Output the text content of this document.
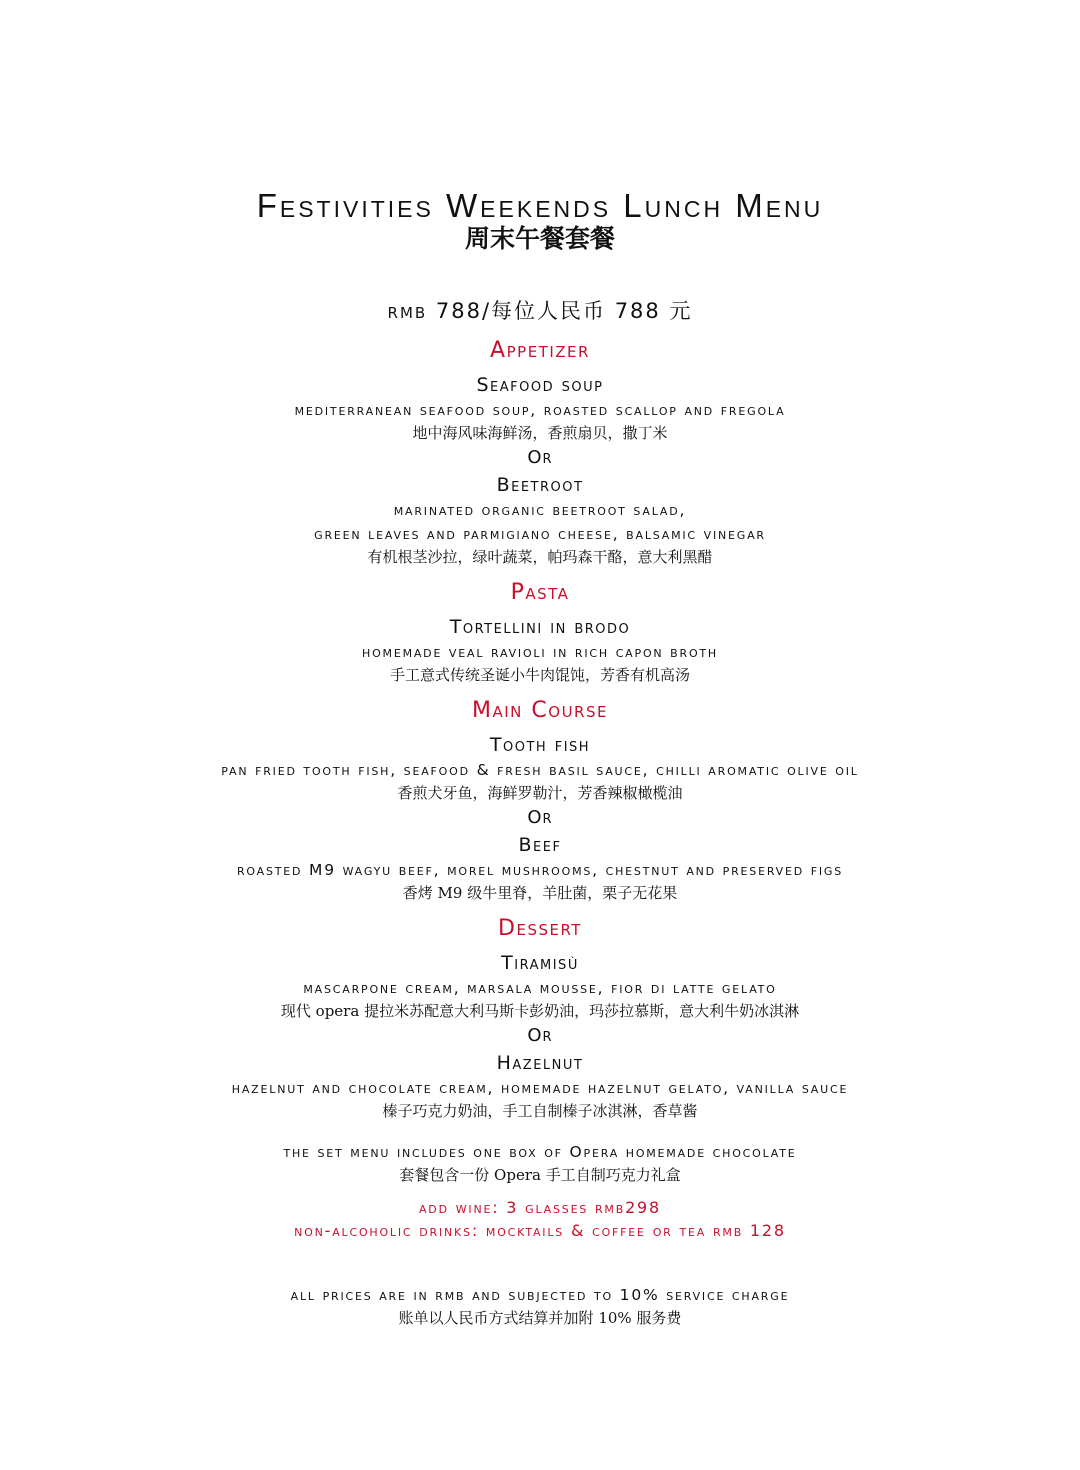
Festivities Weekends Lunch Menu
周末午餐套餐
rmb 788/每位人民币 788 元
Appetizer
Seafood soup
mediterranean seafood soup, roasted scallop and fregola
地中海风味海鲜汤，香煎扇贝，撒丁米
Or
Beetroot
marinated organic beetroot salad,
green leaves and parmigiano cheese, balsamic vinegar
有机根茎沙拉，绿叶蔬菜，帕玛森干酪，意大利黑醋
Pasta
Tortellini in brodo
homemade veal ravioli in rich capon broth
手工意式传统圣诞小牛肉馄饨，芳香有机高汤
Main Course
Tooth fish
pan fried tooth fish, seafood & fresh basil sauce, chilli aromatic olive oil
香煎犬牙鱼，海鲜罗勒汁，芳香辣椒橄榄油
Or
Beef
roasted M9 wagyu beef, morel mushrooms, chestnut and preserved figs
香烤 M9 级牛里脊，羊肚菌，栗子无花果
Dessert
Tiramisù
mascarpone cream, marsala mousse, fior di latte gelato
现代 opera 提拉米苏配意大利马斯卡彭奶油，玛莎拉慕斯，意大利牛奶冰淇淋
Or
Hazelnut
hazelnut and chocolate cream, homemade hazelnut gelato, vanilla sauce
榛子巧克力奶油，手工自制榛子冰淇淋，香草酱
the set menu includes one box of Opera homemade chocolate
套餐包含一份 Opera 手工自制巧克力礼盒
add wine: 3 glasses rmb298
non-alcoholic drinks: mocktails & coffee or tea rmb 128
all prices are in rmb and subjected to 10% service charge
账单以人民币方式结算并加附 10% 服务费
